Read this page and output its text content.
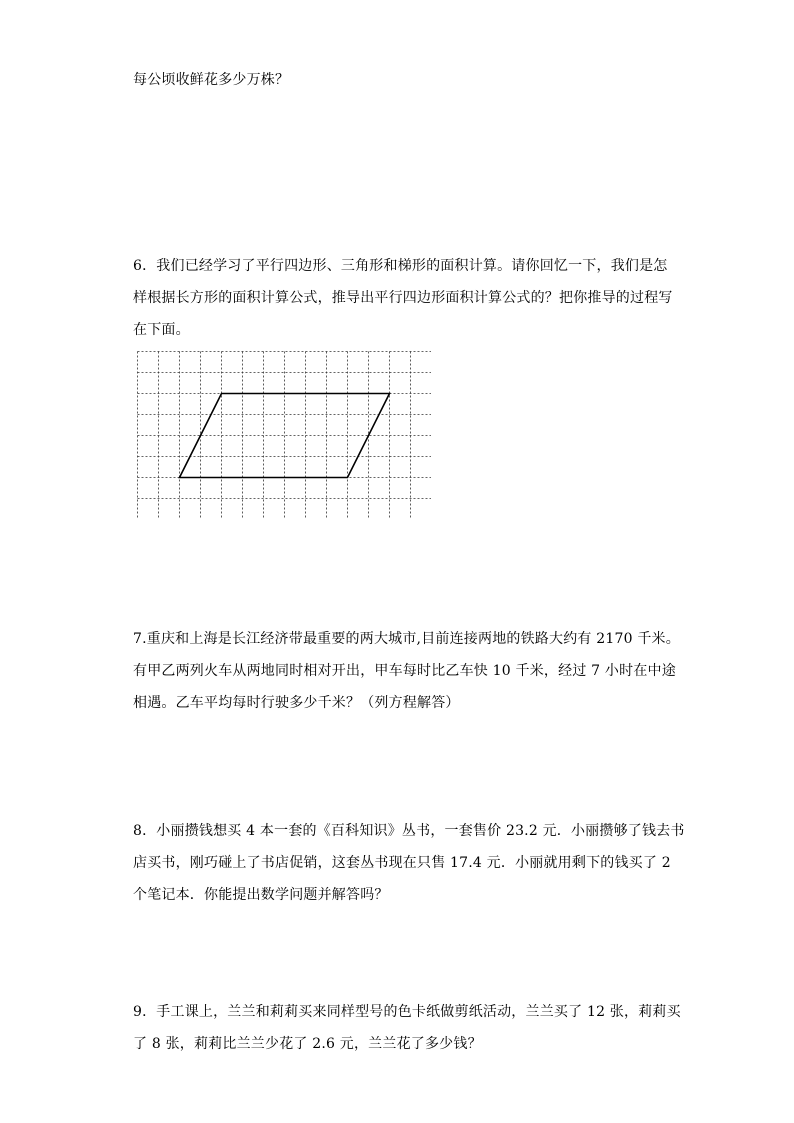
每公顷收鲜花多少万株？

6．我们已经学习了平行四边形、三角形和梯形的面积计算。请你回忆一下，我们是怎
样根据长方形的面积计算公式，推导出平行四边形面积计算公式的？把你推导的过程写
在下面。

7.重庆和上海是长江经济带最重要的两大城市,目前连接两地的铁路大约有 2170 千米。
有甲乙两列火车从两地同时相对开出，甲车每时比乙车快 10 千米，经过 7 小时在中途
相遇。乙车平均每时行驶多少千米？（列方程解答）

8．小丽攒钱想买 4 本一套的《百科知识》丛书，一套售价 23.2 元．小丽攒够了钱去书
店买书，刚巧碰上了书店促销，这套丛书现在只售 17.4 元．小丽就用剩下的钱买了 2
个笔记本．你能提出数学问题并解答吗？

9．手工课上，兰兰和莉莉买来同样型号的色卡纸做剪纸活动，兰兰买了 12 张，莉莉买
了 8 张，莉莉比兰兰少花了 2.6 元，兰兰花了多少钱？
